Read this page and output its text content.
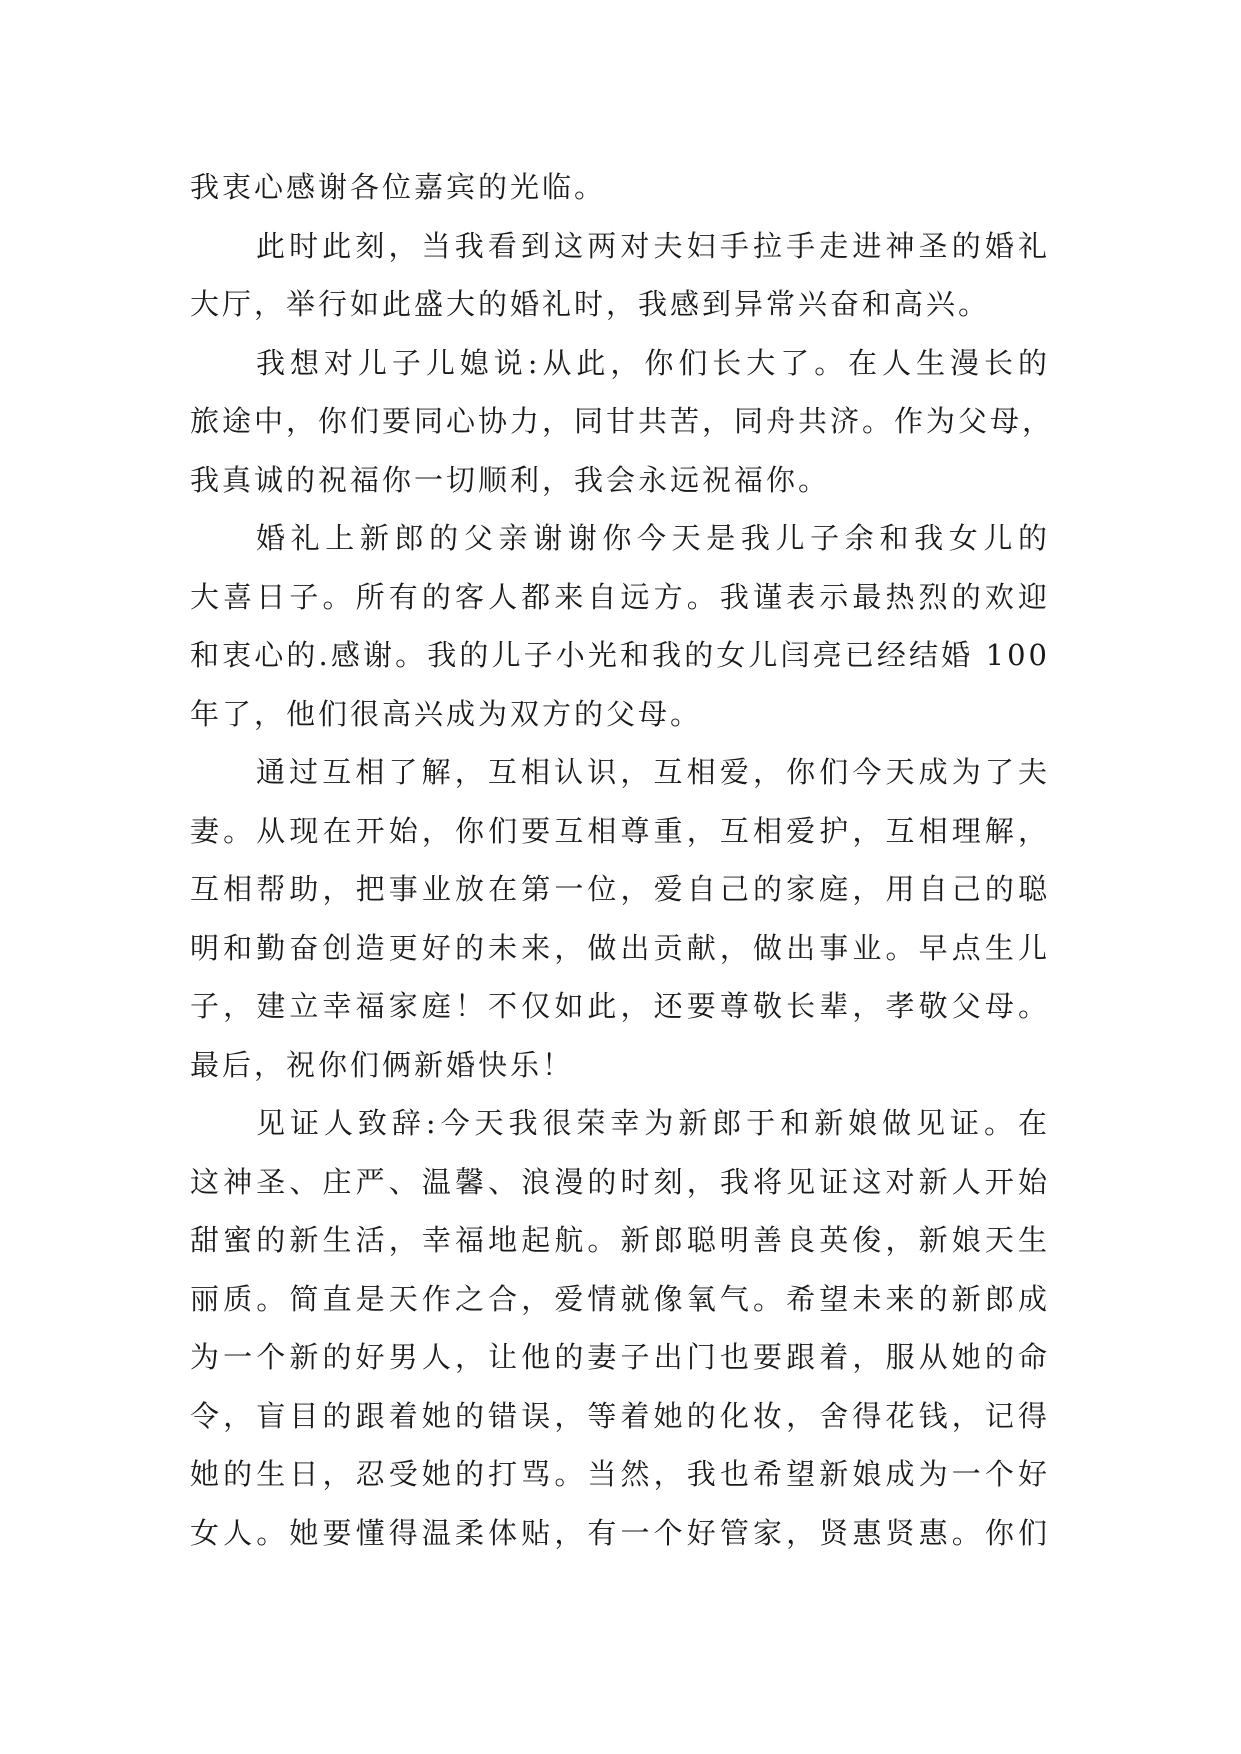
我衷心感谢各位嘉宾的光临。
此时此刻，当我看到这两对夫妇手拉手走进神圣的婚礼
大厅，举行如此盛大的婚礼时，我感到异常兴奋和高兴。
我想对儿子儿媳说:从此，你们长大了。在人生漫长的
旅途中，你们要同心协力，同甘共苦，同舟共济。作为父母，
我真诚的祝福你一切顺利，我会永远祝福你。
婚礼上新郎的父亲谢谢你今天是我儿子余和我女儿的
大喜日子。所有的客人都来自远方。我谨表示最热烈的欢迎
和衷心的.感谢。我的儿子小光和我的女儿闫亮已经结婚 100
年了，他们很高兴成为双方的父母。
通过互相了解，互相认识，互相爱，你们今天成为了夫
妻。从现在开始，你们要互相尊重，互相爱护，互相理解，
互相帮助，把事业放在第一位，爱自己的家庭，用自己的聪
明和勤奋创造更好的未来，做出贡献，做出事业。早点生儿
子，建立幸福家庭！不仅如此，还要尊敬长辈，孝敬父母。
最后，祝你们俩新婚快乐！
见证人致辞:今天我很荣幸为新郎于和新娘做见证。在
这神圣、庄严、温馨、浪漫的时刻，我将见证这对新人开始
甜蜜的新生活，幸福地起航。新郎聪明善良英俊，新娘天生
丽质。简直是天作之合，爱情就像氧气。希望未来的新郎成
为一个新的好男人，让他的妻子出门也要跟着，服从她的命
令，盲目的跟着她的错误，等着她的化妆，舍得花钱，记得
她的生日，忍受她的打骂。当然，我也希望新娘成为一个好
女人。她要懂得温柔体贴，有一个好管家，贤惠贤惠。你们
